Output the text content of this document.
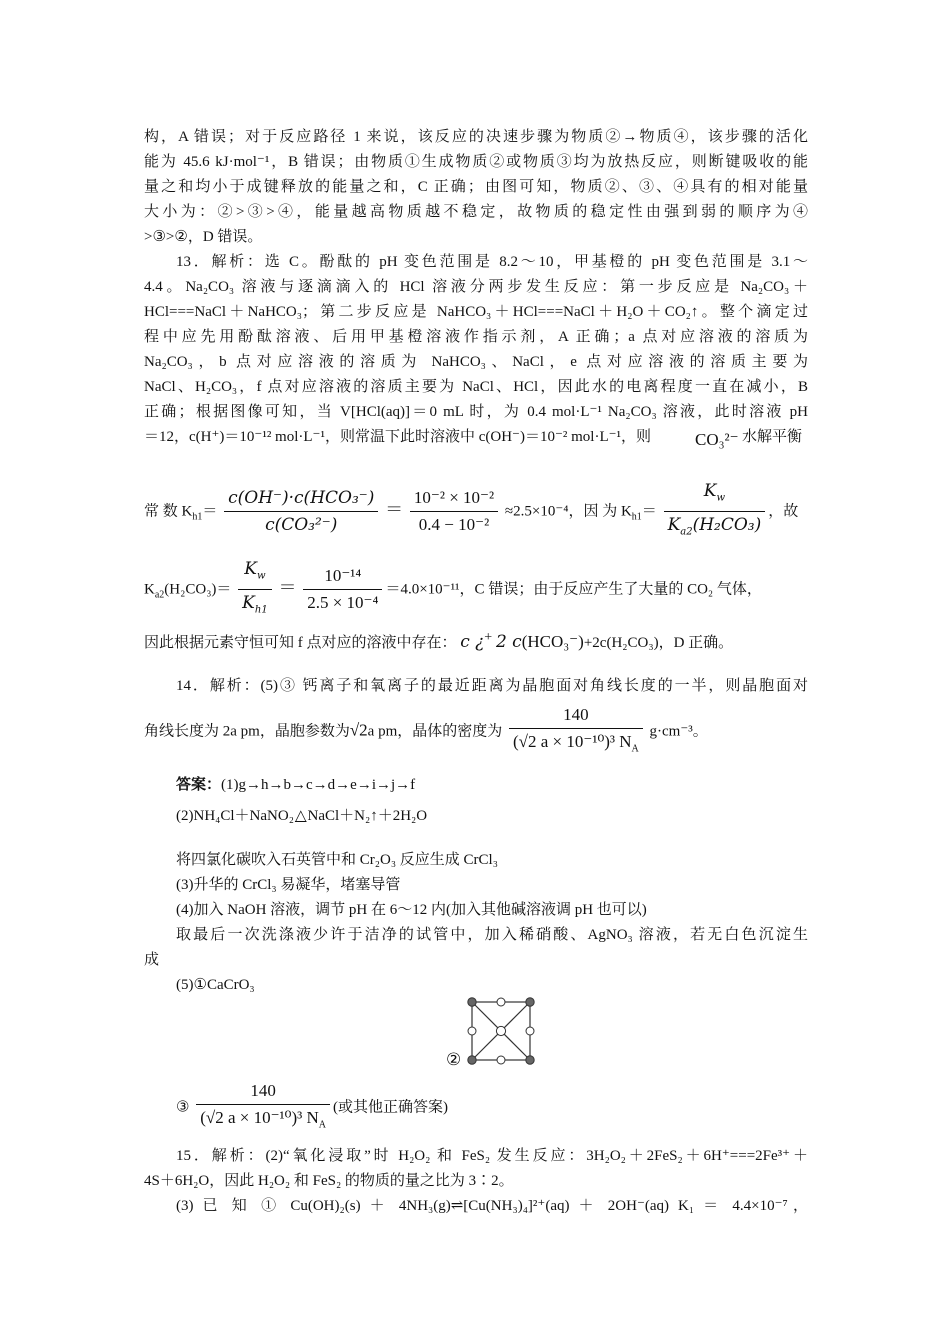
构，A 错误；对于反应路径 1 来说，该反应的决速步骤为物质②→物质④，该步骤的活化
能为 45.6 kJ·mol⁻¹，B 错误；由物质①生成物质②或物质③均为放热反应，则断键吸收的能
量之和均小于成键释放的能量之和，C 正确；由图可知，物质②、③、④具有的相对能量
大小为：②>③>④，能量越高物质越不稳定，故物质的稳定性由强到弱的顺序为④
>③>②，D 错误。
13．解析：选 C。酚酞的 pH 变色范围是 8.2～10，甲基橙的 pH 变色范围是 3.1～
4.4。Na₂CO₃ 溶液与逐滴滴入的 HCl 溶液分两步发生反应：第一步反应是 Na₂CO₃＋
HCl===NaCl＋NaHCO₃；第二步反应是 NaHCO₃＋HCl===NaCl＋H₂O＋CO₂↑。整个滴定过
程中应先用酚酞溶液、后用甲基橙溶液作指示剂，A 正确；a 点对应溶液的溶质为
Na₂CO₃，b 点对应溶液的溶质为 NaHCO₃、NaCl，e 点对应溶液的溶质主要为
NaCl、H₂CO₃，f 点对应溶液的溶质主要为 NaCl、HCl，因此水的电离程度一直在减小，B
正确；根据图像可知，当 V[HCl(aq)]＝0 mL 时，为 0.4 mol·L⁻¹ Na₂CO₃ 溶液，此时溶液 pH
＝12，c(H⁺)＝10⁻¹² mol·L⁻¹，则常温下此时溶液中 c(OH⁻)＝10⁻² mol·L⁻¹，则	CO₃²⁻ 水解平衡
常 数 $K_{h1}= \frac{\text{c(OH⁻)·c(HCO₃⁻)}}{\text{c(CO₃²⁻)}} = \frac{\text{10⁻² × 10⁻²}}{\text{0.4 − 10⁻²}} \approx 2.5\times 10^{-4}$，因 为 $K_{h1}= \frac{K_w}{K_{a2}(H_2CO_3)}$ ，故
$K_{a2}(H_2CO_3)= \frac{K_w}{K_{h1}} = \frac{\text{10⁻¹⁴}}{\text{2.5 × 10⁻⁴}} =4.0\times 10^{-11}$，C 错误；由于反应产生了大量的 CO₂ 气体，
因此根据元素守恒可知 f 点对应的溶液中存在： c ¿+ 2 c(HCO₃⁻)+2c(H₂CO₃)，D 正确。
14．解析：(5)③ 钙离子和氧离子的最近距离为晶胞面对角线长度的一半，则晶胞面对
角线长度为 2a pm，晶胞参数为√2a pm，晶体的密度为 $\frac{140}{(√2 a \times 10^{-10})^3 N_A} g\cdot cm^{-3}$。
答案：(1)g→h→b→c→d→e→i→j→f
(2)NH₄Cl＋NaNO₂△NaCl＋N₂↑＋2H₂O
将四氯化碳吹入石英管中和 Cr₂O₃ 反应生成 CrCl₃
(3)升华的 CrCl₃ 易凝华，堵塞导管
(4)加入 NaOH 溶液，调节 pH 在 6～12 内(加入其他碱溶液调 pH 也可以)
取最后一次洗涤液少许于洁净的试管中，加入稀硝酸、AgNO₃ 溶液，若无白色沉淀生
成
(5)①CaCrO₃
②
③ $\frac{140}{(√2 a \times 10^{-10})^3 N_A}$ (或其他正确答案)
15．解析：(2)“氧化浸取”时 H₂O₂ 和 FeS₂ 发生反应：3H₂O₂＋2FeS₂＋6H⁺===2Fe³⁺＋
4S＋6H₂O，因此 H₂O₂ 和 FeS₂ 的物质的量之比为 3∶2。
(3) 已 知 ① Cu(OH)₂(s) ＋ 4NH₃(g)⇌[Cu(NH₃)₄]²⁺(aq) ＋ 2OH⁻(aq) K₁ ＝ 4.4×10⁻⁷，
